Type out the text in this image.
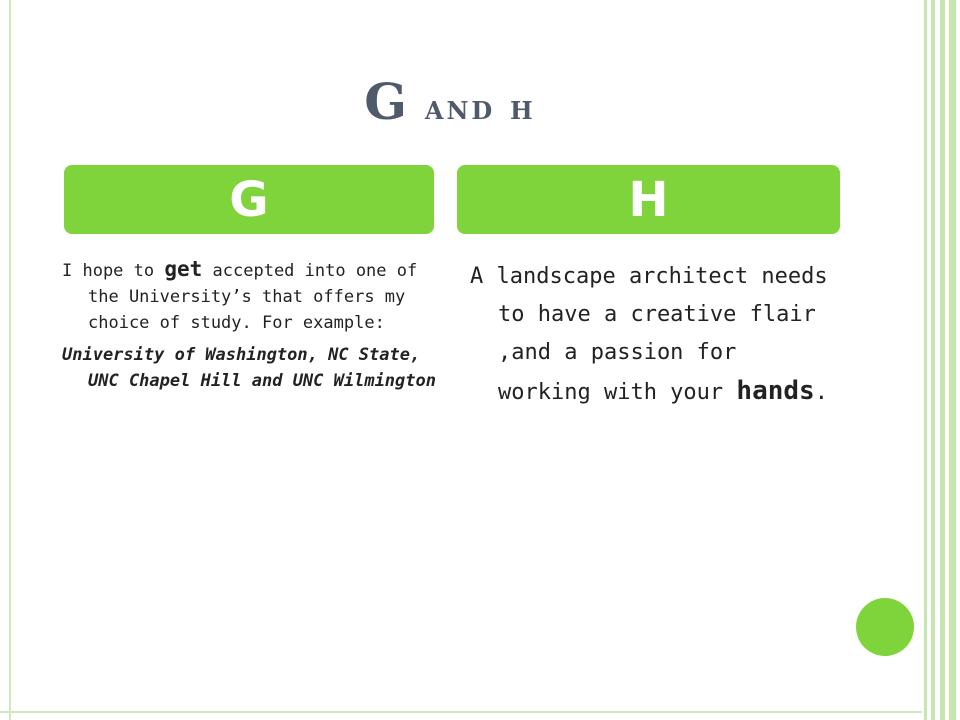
G and h
G	H

I hope to get accepted into one of the University’s that offers my choice of study. For example:

University of Washington, NC State, UNC Chapel Hill and UNC Wilmington

A landscape architect needs to have a creative flair ,and a passion for working with your hands.
